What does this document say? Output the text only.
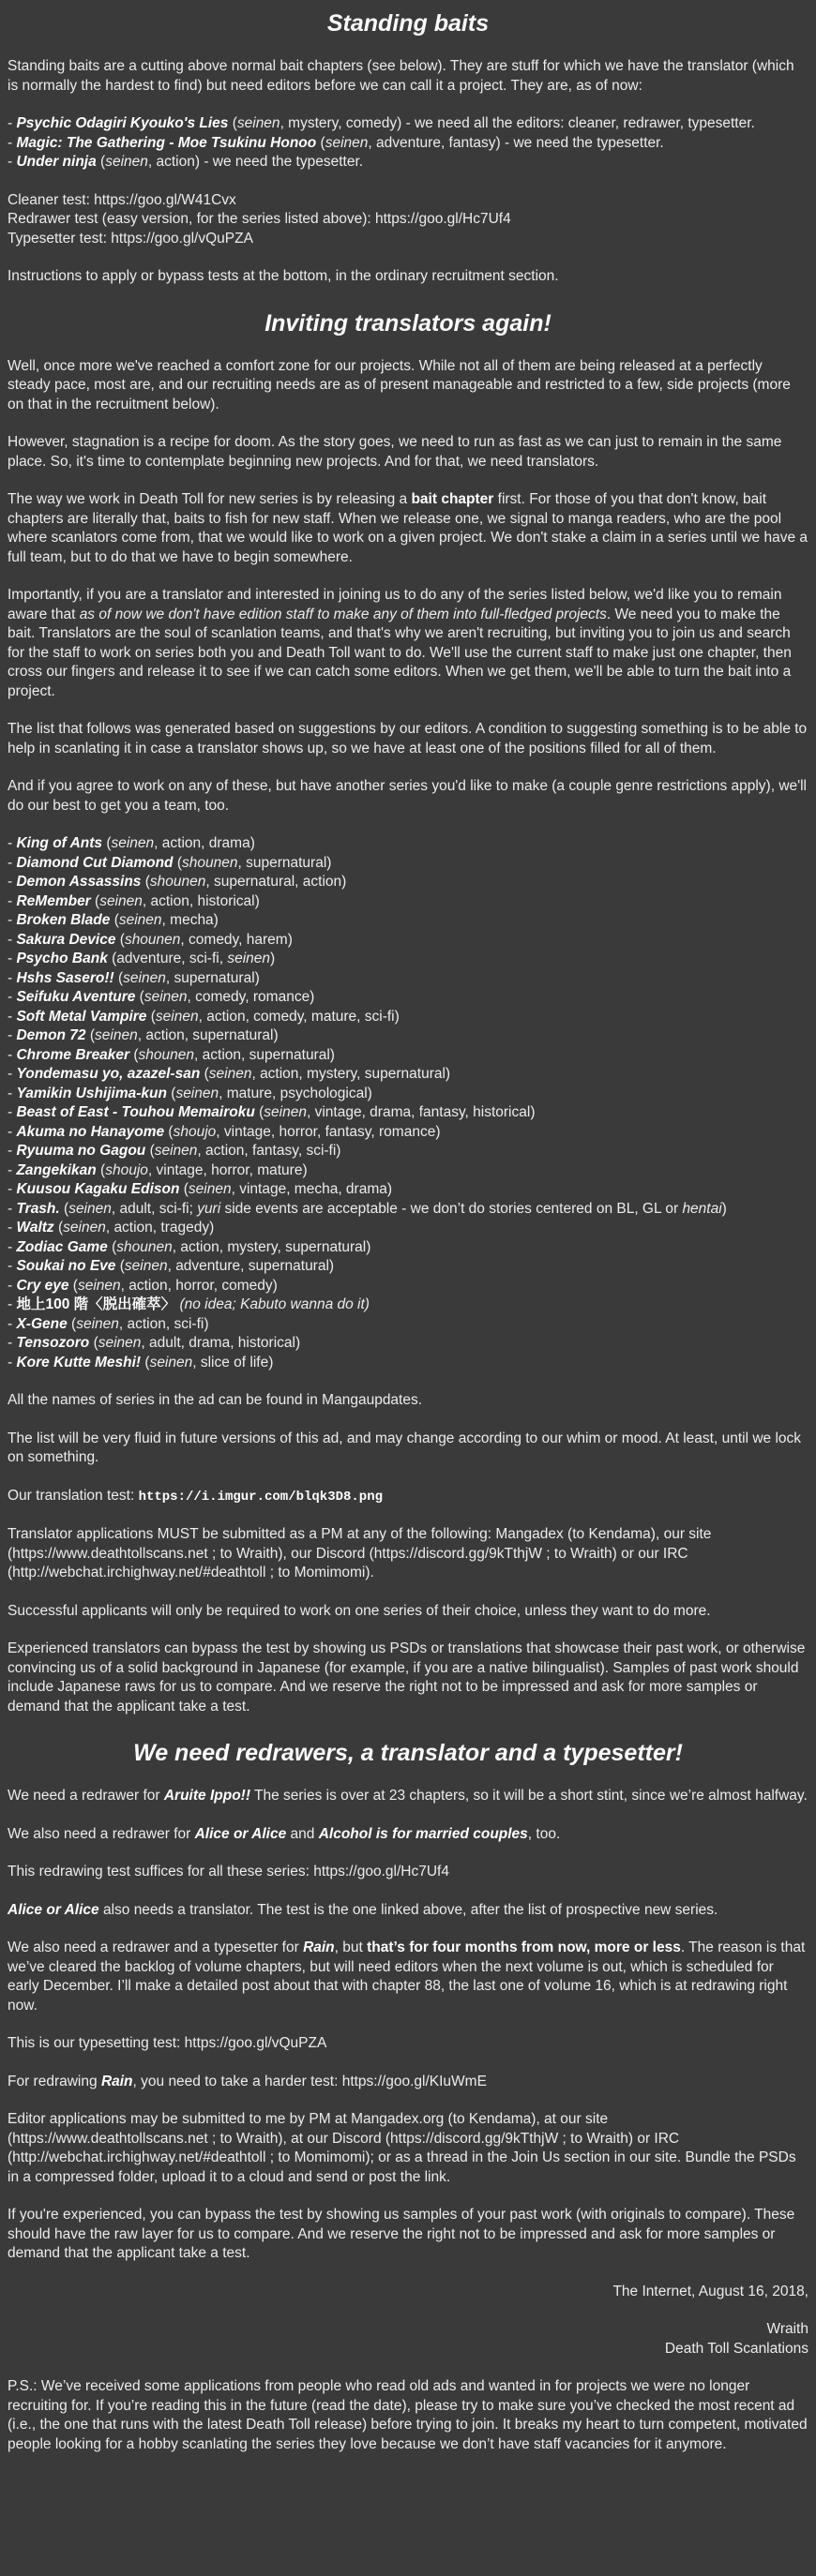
Standing baits
Standing baits are a cutting above normal bait chapters (see below). They are stuff for which we have the translator (which is normally the hardest to find) but need editors before we can call it a project. They are, as of now:
- Psychic Odagiri Kyouko's Lies (seinen, mystery, comedy) - we need all the editors: cleaner, redrawer, typesetter.
- Magic: The Gathering - Moe Tsukinu Honoo (seinen, adventure, fantasy) - we need the typesetter.
- Under ninja (seinen, action) - we need the typesetter.
Cleaner test: https://goo.gl/W41Cvx
Redrawer test (easy version, for the series listed above): https://goo.gl/Hc7Uf4
Typesetter test: https://goo.gl/vQuPZA
Instructions to apply or bypass tests at the bottom, in the ordinary recruitment section.
Inviting translators again!
Well, once more we've reached a comfort zone for our projects. While not all of them are being released at a perfectly steady pace, most are, and our recruiting needs are as of present manageable and restricted to a few, side projects (more on that in the recruitment below).
However, stagnation is a recipe for doom. As the story goes, we need to run as fast as we can just to remain in the same place. So, it's time to contemplate beginning new projects. And for that, we need translators.
The way we work in Death Toll for new series is by releasing a bait chapter first. For those of you that don't know, bait chapters are literally that, baits to fish for new staff. When we release one, we signal to manga readers, who are the pool where scanlators come from, that we would like to work on a given project. We don't stake a claim in a series until we have a full team, but to do that we have to begin somewhere.
Importantly, if you are a translator and interested in joining us to do any of the series listed below, we'd like you to remain aware that as of now we don't have edition staff to make any of them into full-fledged projects. We need you to make the bait. Translators are the soul of scanlation teams, and that's why we aren't recruiting, but inviting you to join us and search for the staff to work on series both you and Death Toll want to do. We'll use the current staff to make just one chapter, then cross our fingers and release it to see if we can catch some editors. When we get them, we'll be able to turn the bait into a project.
The list that follows was generated based on suggestions by our editors. A condition to suggesting something is to be able to help in scanlating it in case a translator shows up, so we have at least one of the positions filled for all of them.
And if you agree to work on any of these, but have another series you'd like to make (a couple genre restrictions apply), we'll do our best to get you a team, too.
- King of Ants (seinen, action, drama)
- Diamond Cut Diamond (shounen, supernatural)
- Demon Assassins (shounen, supernatural, action)
- ReMember (seinen, action, historical)
- Broken Blade (seinen, mecha)
- Sakura Device (shounen, comedy, harem)
- Psycho Bank (adventure, sci-fi, seinen)
- Hshs Sasero!! (seinen, supernatural)
- Seifuku Aventure (seinen, comedy, romance)
- Soft Metal Vampire (seinen, action, comedy, mature, sci-fi)
- Demon 72 (seinen, action, supernatural)
- Chrome Breaker (shounen, action, supernatural)
- Yondemasu yo, azazel-san (seinen, action, mystery, supernatural)
- Yamikin Ushijima-kun (seinen, mature, psychological)
- Beast of East - Touhou Memairoku (seinen, vintage, drama, fantasy, historical)
- Akuma no Hanayome (shoujo, vintage, horror, fantasy, romance)
- Ryuuma no Gagou (seinen, action, fantasy, sci-fi)
- Zangekikan (shoujo, vintage, horror, mature)
- Kuusou Kagaku Edison (seinen, vintage, mecha, drama)
- Trash. (seinen, adult, sci-fi; yuri side events are acceptable - we don’t do stories centered on BL, GL or hentai)
- Waltz (seinen, action, tragedy)
- Zodiac Game (shounen, action, mystery, supernatural)
- Soukai no Eve (seinen, adventure, supernatural)
- Cry eye (seinen, action, horror, comedy)
- 地上100 階〈脱出確萃〉 (no idea; Kabuto wanna do it)
- X-Gene (seinen, action, sci-fi)
- Tensozoro (seinen, adult, drama, historical)
- Kore Kutte Meshi! (seinen, slice of life)
All the names of series in the ad can be found in Mangaupdates.
The list will be very fluid in future versions of this ad, and may change according to our whim or mood. At least, until we lock on something.
Our translation test: https://i.imgur.com/blqk3D8.png
Translator applications MUST be submitted as a PM at any of the following: Mangadex (to Kendama), our site (https://www.deathtollscans.net ; to Wraith), our Discord (https://discord.gg/9kTthjW ; to Wraith) or our IRC (http://webchat.irchighway.net/#deathtoll ; to Momimomi).
Successful applicants will only be required to work on one series of their choice, unless they want to do more.
Experienced translators can bypass the test by showing us PSDs or translations that showcase their past work, or otherwise convincing us of a solid background in Japanese (for example, if you are a native bilingualist). Samples of past work should include Japanese raws for us to compare. And we reserve the right not to be impressed and ask for more samples or demand that the applicant take a test.
We need redrawers, a translator and a typesetter!
We need a redrawer for Aruite Ippo!! The series is over at 23 chapters, so it will be a short stint, since we’re almost halfway.
We also need a redrawer for Alice or Alice and Alcohol is for married couples, too.
This redrawing test suffices for all these series: https://goo.gl/Hc7Uf4
Alice or Alice also needs a translator. The test is the one linked above, after the list of prospective new series.
We also need a redrawer and a typesetter for Rain, but that’s for four months from now, more or less. The reason is that we’ve cleared the backlog of volume chapters, but will need editors when the next volume is out, which is scheduled for early December. I’ll make a detailed post about that with chapter 88, the last one of volume 16, which is at redrawing right now.
This is our typesetting test: https://goo.gl/vQuPZA
For redrawing Rain, you need to take a harder test: https://goo.gl/KIuWmE
Editor applications may be submitted to me by PM at Mangadex.org (to Kendama), at our site (https://www.deathtollscans.net ; to Wraith), at our Discord (https://discord.gg/9kTthjW ; to Wraith) or IRC (http://webchat.irchighway.net/#deathtoll ; to Momimomi); or as a thread in the Join Us section in our site. Bundle the PSDs in a compressed folder, upload it to a cloud and send or post the link.
If you're experienced, you can bypass the test by showing us samples of your past work (with originals to compare). These should have the raw layer for us to compare. And we reserve the right not to be impressed and ask for more samples or demand that the applicant take a test.
The Internet, August 16, 2018,
Wraith
Death Toll Scanlations
P.S.: We’ve received some applications from people who read old ads and wanted in for projects we were no longer recruiting for. If you’re reading this in the future (read the date), please try to make sure you’ve checked the most recent ad (i.e., the one that runs with the latest Death Toll release) before trying to join. It breaks my heart to turn competent, motivated people looking for a hobby scanlating the series they love because we don’t have staff vacancies for it anymore.
